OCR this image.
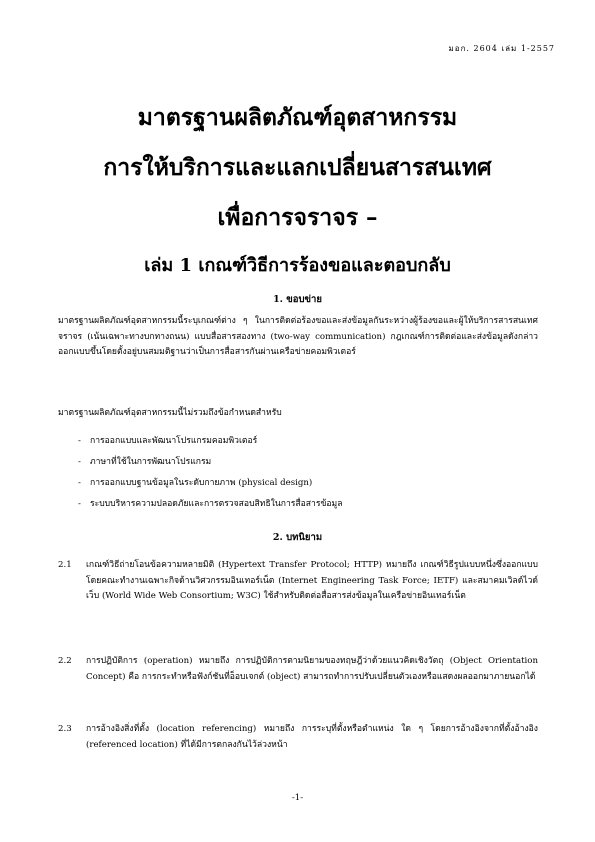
มอก. 2604 เล่ม 1-2557
มาตรฐานผลิตภัณฑ์อุตสาหกรรม
การให้บริการและแลกเปลี่ยนสารสนเทศ
เพื่อการจราจร –
เล่ม 1 เกณฑ์วิธีการร้องขอและตอบกลับ
1. ขอบข่าย
มาตรฐานผลิตภัณฑ์อุตสาหกรรมนี้ระบุเกณฑ์ต่าง ๆ ในการติดต่อร้องขอและส่งข้อมูลกันระหว่างผู้ร้องขอและผู้ให้บริการสารสนเทศจราจร (เน้นเฉพาะทางบกทางถนน) แบบสื่อสารสองทาง (two-way communication) กฎเกณฑ์การติดต่อและส่งข้อมูลดังกล่าวออกแบบขึ้นโดยตั้งอยู่บนสมมติฐานว่าเป็นการสื่อสารกันผ่านเครือข่ายคอมพิวเตอร์
มาตรฐานผลิตภัณฑ์อุตสาหกรรมนี้ไม่รวมถึงข้อกำหนดสำหรับ
- การออกแบบและพัฒนาโปรแกรมคอมพิวเตอร์
- ภาษาที่ใช้ในการพัฒนาโปรแกรม
- การออกแบบฐานข้อมูลในระดับกายภาพ (physical design)
- ระบบบริหารความปลอดภัยและการตรวจสอบสิทธิในการสื่อสารข้อมูล
2. บทนิยาม
2.1	เกณฑ์วิธีถ่ายโอนข้อความหลายมิติ (Hypertext Transfer Protocol; HTTP) หมายถึง เกณฑ์วิธีรูปแบบหนึ่งซึ่งออกแบบโดยคณะทำงานเฉพาะกิจด้านวิศวกรรมอินเทอร์เน็ต (Internet Engineering Task Force; IETF) และสมาคมเวิลด์ไวด์เว็บ (World Wide Web Consortium; W3C) ใช้สำหรับติดต่อสื่อสารส่งข้อมูลในเครือข่ายอินเทอร์เน็ต
2.2	การปฏิบัติการ (operation) หมายถึง การปฏิบัติการตามนิยามของทฤษฎีว่าด้วยแนวคิดเชิงวัตถุ (Object Orientation Concept) คือ การกระทำหรือฟังก์ชันที่อ็อบเจกต์ (object) สามารถทำการปรับเปลี่ยนตัวเองหรือแสดงผลออกมาภายนอกได้
2.3	การอ้างอิงสิ่งที่ตั้ง (location referencing) หมายถึง การระบุที่ตั้งหรือตำแหน่ง ใด ๆ โดยการอ้างอิงจากที่ตั้งอ้างอิง (referenced location) ที่ได้มีการตกลงกันไว้ล่วงหน้า
-1-
